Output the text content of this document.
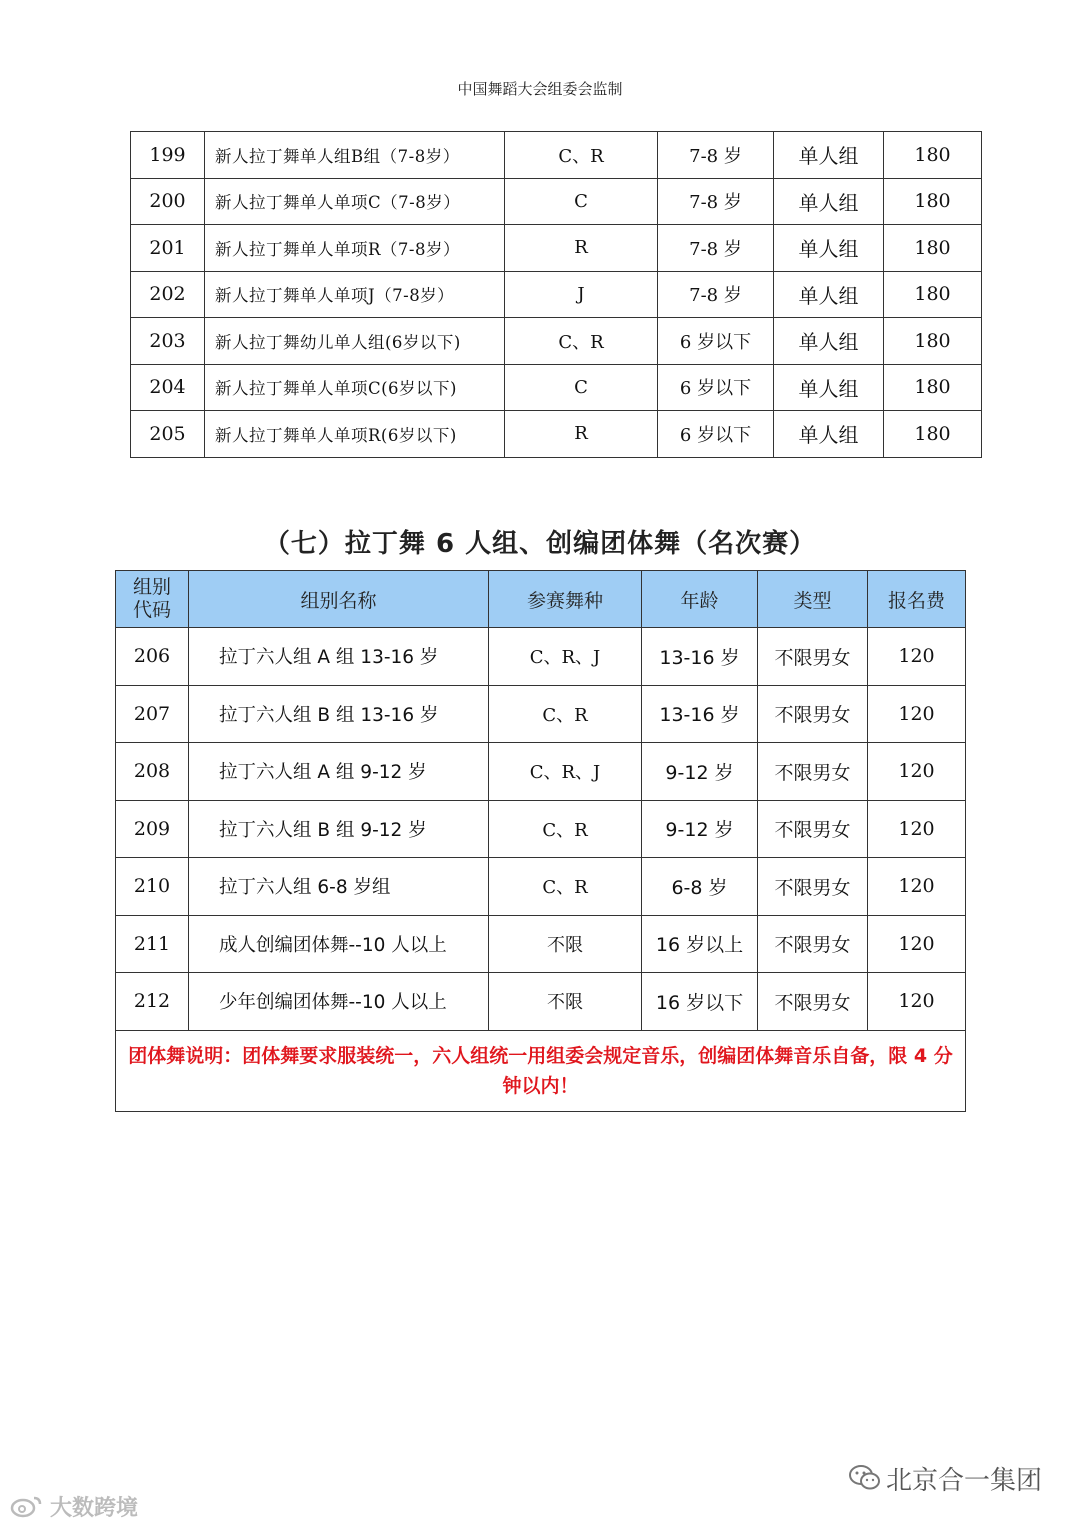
中国舞蹈大会组委会监制
199	新人拉丁舞单人组B组（7-8岁）	C、R	7-8 岁	单人组	180
200	新人拉丁舞单人单项C（7-8岁）	C	7-8 岁	单人组	180
201	新人拉丁舞单人单项R（7-8岁）	R	7-8 岁	单人组	180
202	新人拉丁舞单人单项J（7-8岁）	J	7-8 岁	单人组	180
203	新人拉丁舞幼儿单人组(6岁以下)	C、R	6 岁以下	单人组	180
204	新人拉丁舞单人单项C(6岁以下)	C	6 岁以下	单人组	180
205	新人拉丁舞单人单项R(6岁以下)	R	6 岁以下	单人组	180
（七）拉丁舞 6 人组、创编团体舞（名次赛）
组别
代码	组别名称	参赛舞种	年龄	类型	报名费
206	拉丁六人组 A 组 13-16 岁	C、R、J	13-16 岁	不限男女	120
207	拉丁六人组 B 组 13-16 岁	C、R	13-16 岁	不限男女	120
208	拉丁六人组 A 组 9-12 岁	C、R、J	9-12 岁	不限男女	120
209	拉丁六人组 B 组 9-12 岁	C、R	9-12 岁	不限男女	120
210	拉丁六人组 6-8 岁组	C、R	6-8 岁	不限男女	120
211	成人创编团体舞--10 人以上	不限	16 岁以上	不限男女	120
212	少年创编团体舞--10 人以上	不限	16 岁以下	不限男女	120
团体舞说明：团体舞要求服装统一，六人组统一用组委会规定音乐，创编团体舞音乐自备，限 4 分钟以内！					
北京合一集团
大数跨境
